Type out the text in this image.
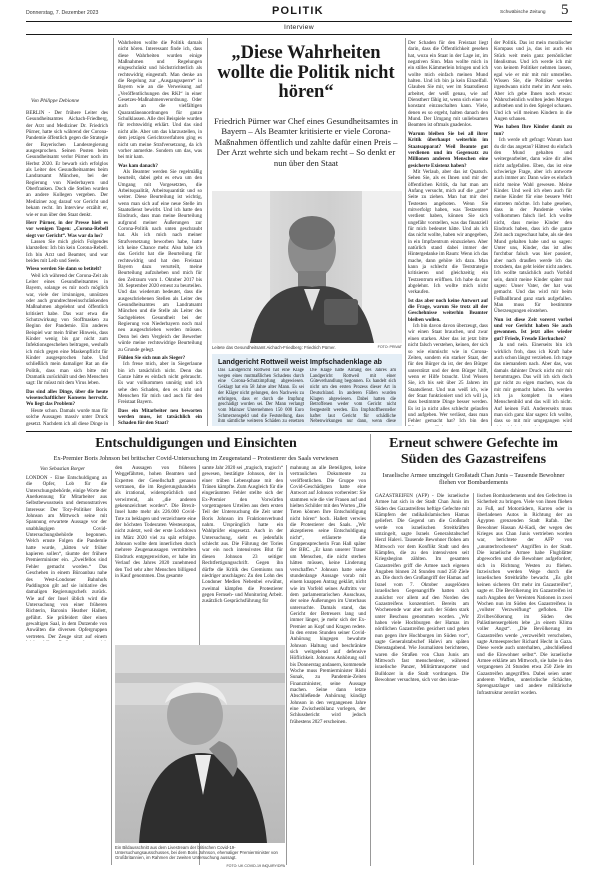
Donnerstag, 7. Dezember 2023	POLITIK	Schwäbische Zeitung 5
Interview
Von Philippe Debionne

BERLIN - Der frühere Leiter des Gesundheitsamtes Aichach-Friedberg, der Arzt und Mediziner Dr. Friedrich Pürner, hatte sich während der Corona-Pandemie öffentlich gegen die Strategie der Bayerischen Landesregierung ausgesprochen. Seinen Posten beim Gesundheitsamt verlor Pürner noch im Herbst 2020. Er bewarb sich erfolglos als Leiter des Gesundheitsamtes beim Landratsamt München, bei der Regierung von Niederbayern und Oberfranken. Doch die Stellen wurden an andere Kollegen vergeben. Der Mediziner zog darauf vor Gericht und bekam recht. Im Interview erzählt er, wie er nun über den Staat denkt.

Herr Pürner, in der Presse hieß es vor wenigen Tagen: „Corona-Rebell siegt vor Gericht“. Was war da los?

Lassen Sie mich gleich Folgendes klarstellen: Ich bin kein Corona-Rebell. Ich bin Arzt und Beamter, und war beides mit Leib und Seele.

Wieso werden Sie dann so betitelt?

Weil ich während der Corona-Zeit als Leiter eines Gesundheitsamtes in Bayern, solange es mir noch möglich war, viele der irrsinnigen, unnützen oder auch grundrechteeinschränkenden Maßnahmen abgelehnt und öffentlich kritisiert habe. Das war etwa die Schutzwirkung von Stoffmasken zu Beginn der Pandemie. Ein anderes Beispiel war mein früher Hinweis, dass Kinder wenig bis gar nicht zum Infektionsgeschehen beitragen, weshalb ich mich gegen eine Maskenpflicht für Kinder ausgesprochen habe. Und schließlich mein damaliger Rat an die Politik, dass man sich bitte mit Dramatik zurückhält und den Menschen sagt: Ihr müsst mit dem Virus leben.

Das sind alles Dinge, über die heute wissenschaftlicher Konsens herrscht. Wo liegt das Problem?

Heute schon. Damals wurde man für solche Aussagen massiv unter Druck gesetzt. Nachdem ich all diese Dinge in

Wahrheiten wollte die Politik damals nicht hören. Interessant finde ich, dass diese Wahrheiten wurden einige Maßnahmen und Regelungen eingeschränkt und höchstrichterlich als rechtswidrig eingestuft. Man denke an die Regelung zur „Ausgangssperre“ in Bayern wie an die Verweisung auf „Veröffentlichungen des RKI“ in einer Gesetzes-Maßnahmenverordnung. Oder auch an die vielfältigen Quarantäneanordnungen für ganze Schulklassen. Alle drei Beispiele wurden für rechtswidrig erklärt. Und das sind nicht alle. Aber um das klarzustellen, in dem jetzigen Gerichtsverfahren ging es nicht um meine Strafversetzung, da ich vorher anmerkte. Sondern um das, was bei mir kam.

Was kam danach?

Als Beamter werden Sie regelmäßig beurteilt, dabei geht es etwa um den Umgang mit Vorgesetzten, die Arbeitsqualität, Arbeitsquantität und so weiter. Diese Beurteilung ist wichtig, wenn man sich auf eine neue Stelle im Staatsdienst bewirbt. Und ich hatte den Eindruck, dass man meine Beurteilung aufgrund meiner Äußerungen zur Corona-Politik nach unten geschraubt hat. Als ich mich nach meiner Strafversetzung beworben habe, hatte ich keine Chance mehr. Also habe ich das Gericht hat die Beurteilung für rechtswidrig und hat den Freistaat Bayern dazu verurteilt, meine Beurteilung aufzuheben und mich für den Zeitraum vom 1. Oktober 2017 bis 30. September 2020 erneut zu beurteilen. Und das wiederum bedeutet, dass die ausgeschriebenen Stellen als Leiter des Gesundheitsamtes am Landratsamt München und die Stelle als Leiter des Sachgebietes Gesundheit bei der Regierung von Niederbayern noch mal neu ausgeschrieben werden müssen. Denn bei dem Vergleich der Bewerber würde meine rechtswidrige Beurteilung zu Grunde gelegt.

Fühlen Sie sich nun als Sieger?

Ich freue mich, aber in Siegerlaune bin ich tatsächlich nicht. Denn das Ganze hätte es einfach nicht gebraucht. Es war vollkommen unnötig und ich sehe den Schaden, den es nicht und Menschen für mich und auch für den Freistaat Bayern.

Dass ein Mitarbeiter neu beworten werden muss, ist tatsächlich ein Schaden für den Staat?

„Diese Wahrheiten wollte die Politik nicht hören“
Friedrich Pürner war Chef eines Gesundheitsamtes in Bayern – Als Beamter kritisierte er viele Corona-Maßnahmen öffentlich und zahlte dafür einen Preis – Der Arzt wehrte sich und bekam recht – So denkt er nun über den Staat
Leitete das Gesundheitsamt Aichach-Friedberg: Friedrich Pürner.	FOTO: PRIVAT
Landgericht Rottweil weist Impfschadenklage ab
Das Landgericht Rottweil hat eine Klage wegen eines mutmaßlichen Schadens durch eine Corona-Schutzimpfung abgewiesen. Geklagt hat ein 58 Jahre alter Mann. Es sei der Kläger nicht gelungen, den Nachweis zu erbringen, dass er durch die Impfung geschädigt worden sei. Der Mann verlangt vom Mainzer Unternehmen 150 000 Euro Schmerzensgeld und die Feststellung, dass ihm sämtliche weiteren Schäden zu ersetzen
Die Klage hatte Anfang des Jahres am Landgericht Rottweil mit einer Güteverhandlung begonnen. Es handelt sich nicht um den ersten Prozess dieser Art in Deutschland. In anderen Fällen wurden Klagen abgewiesen. Dabei hatten die Betroffenen weder vom Gericht nicht festgestellt werden. Ein Impfstoffhersteller haftet laut Gericht für schädliche Nebenwirkungen nur dann, wenn diese

Der Schaden für den Freistaat liegt darin, dass die Öffentlichkeit gesehen hat, wozu ein Staat in der Lage ist, im negativen Sinn. Man wollte mich in ein stilles Kämmerlein bringen und ich wollte mich einfach meinen Mund halten. Und ich bin ja kein Einzelfall. Glauben Sie mir, wer im Staatsdienst arbeitet, der weiß genau, wie auf Dienstherr fähig ist, wenn sich einer so konstant einzuschalten kann. Viele, denen es so ergeht, halten danach den Mund. Der Umgang mit unliebsamen Beamten ist oftmals gnadenlos.

Warum bleiben Sie bei all ihrer Kritik überhaupt weiterhin im Staatsapparat? Weil Beamte gut verdienen und im Gegensatz zu Millionen anderen Menschen eine gesicherte Existenz haben?

Mit Verlaub, aber das ist Quatsch. Sehen Sie, als es Ihnen und mir der öffentlichen Kritik, da hat man am Anfang versucht, mich auf die „gute“ Seite zu ziehen. Man hat mir drei Testesten angeboten. Wenn Sie mitverfolgt haben, was Testzentren verdient haben, können Sie sich ungefähr vorstellen, was das finanziell für mich bedeutet hätte. Und als ich das nicht wollte, haben wir angegeben, in ein Impfzentrum einzuziehen. Aber natürlich stand dabei immer der Hintergedanke im Raum: Wenn ich das mache, dann gehöre ich dazu. Man kann ja schlecht die Teststrategie kritisieren und gleichzeitig ein Testzentrum eröffnen. Ich habe da nur abgelehnt. Ich wollte mich nicht verkaufen.

Ist das aber noch keine Antwort auf die Frage, warum Sie trotz all der Geschehnisse weiterhin Beamter bleiben wollen.

Ich bin davon davon überzeugt, dass wir einen Staat brauchen, und zwar einen starken. Aber das ist jetzt bitte nicht falsch verstehen, keinen, der sich so wie einmischt wie in Corona-Zeiten, sondern ein starker Staat, der für den Bürger da ist, der den Bürger unterstützt und der dem Bürger hilft, wenn er Hilfe braucht. Und Wissen Sie, ich bis seit über 25 Jahren im Staatsdienst. Und nun weiß ich, wie der Staat funktioniert und ich will ja, dass bestimmte Dinge besser werden. Es ist ja nicht alles schlecht gelaufen und aufgeben. Wer verlässt, dass man Fehler gemacht hat? Ich bin den

der Politik. Das ist mein moralischer Kompass und ja, das ist auch ein Stück weit mein ganz persönlicher Idealismus. Und ich werde ich mir von keinem Politiker nehmen lassen, egal wie er mir mit mir umstellen. Wissen Sie, die Politiker werden irgendwann nicht mehr im Amt sein. Aber ich gebe Ihnen noch etwas: Wahrscheinlich wollten jeden Morgen aufstehen und in den Spiegel schauen. Und ich will meinen Kindern in die Augen schauen.

Was haben Ihre Kinder damit zu tun?

Ich werde oft gefragt: Warum hast du dir das angetan? Hättest du einfach den Mund gehalten und weitergearbeitet, dann wäre dir alles nicht aufgefallen. Eben, das ist eine schwierige Frage, aber ich antworte auch immer an: Dann wäre es einfach nicht meine Wahl gewesen. Meine Kinder. Und weil ich eben auch für meine Kinder für eine bessere Welt eintreten möchte. Ich habe gesehen, dass in der Pandemie vieles vollkommen falsch lief. Ich wollte nicht, dass meine Kinder den Eindruck haben, dass ich die ganze Zeit auch zugeschaut habe, als sie den Mund gehalten habe und so sagen: Unter uns, Kinder, das ist alles furchtbar falsch was hier passiert, aber nach draußen werde ich das trotzdem, das geht leider nicht anders. Ich wollte tatsächlich auch Vorbild sein, damit meine Kinder später mal sagen: Unser Vater, der hat was gemacht. Und das wird mir beim Fußballbrand ganz stark aufgefallen. Man muss für bestimmte Überzeugungen einstehen.

Nun ist diese Zeit vorerst vorbei und vor Gericht haben Sie auch gewonnen. Ist jetzt alles wieder gut? Friede, Freude Eierkuchen?

Ja und nein. Einerseits bin ich wirklich froh, dass ich Kraft habe auch schon längst verziehen. Ich trage das niemandem nach. Aber das, was damals dahinter Druck nicht mir mit herumtragen. Das will ich sich doch gar nicht zu eigen machen, was da mit mir gemacht haben. Da werden ich ja komplett in einen Menschenbild und das will ich nicht. Auf keinen Fall. Andererseits muss man sich ganz klar sagen: Ich wollte, dass so mit mir umgegangen wird

Entschuldigungen und Einsichten
Ex-Premier Boris Johnson bei britischer Covid-Untersuchung im Zeugenstand – Protestierer des Saals verwiesen
Von Sebastian Borger
LONDON - Eine Entschuldigung an die Opfer, Lob für die Unterschungsbehörde, einige Worte der Anerkennung für Mitarbeiter aus Selbstbewusstsein und demonstratives Interesse: Der Tory-Politiker Boris Johnson am Mittwoch seine mit Spannung erwartete Aussage vor der unabhängigen Covid-Untersuchungsbehörde begonnen. Welch ernste Folgen die Pandemie hatte wurde, „hätten wir früher kapieren sollen“, räumte der frühere Premierminister ein. „Zweifellos sind Fehler gemacht worden.“ Das Geschehen in einem Büroanbau nahe des West-Londoner Bahnhofs Paddington gilt auf sie initiative des damaligen Regierungschefs zurück. Wie auf der Insel üblich wird die Untersuchung von einer früheren Richterin, Baronin Heather Hallett, geführt. Sie prüfeidert über einen gewaltigen Saal, in dem Dutzende von Anwälten die diversen Opfergruppen vertreten. Der Zeuge sitzt auf einem
den Aussagen von früheren Weggefährten, hohen Beamten und Experten der Gesellschaft genauso vertrauen, die im Regierungshandeln als irrational, widersprüchlich und verwirrend, als „die anderen gekennzeichnet worden“. Die Brexit-Insel hatte mehr als 226.000 Covid-Tote zu beklagen und verzeichnete eine der höchsten Todesraten Westeuropas, nicht zuletzt, weil der erste Lockdown im März 2020 viel zu spät erfolgte. Johnson wollte dem innerlichen durch mehrere Zeugenaussagen vermittelten Eindruck entgegenwirken, er habe im Verlauf des Jahres 2020 zunehmend den Tod sehr alter Menschen billigend in Kauf genommen. Das gesamte
samte Jahr 2020 sei „tragisch, tragisch“ gewesen, bestätigte Johnson, der in einer trüben Lebensphase mit den Tränen kämpfte. Zum Ausgleich für die eingeräumten Fehler stellte sich der Ex-Premier den Vorwürfen vorgetragenen Urteilen aus dem ersten Teil der Untersuchung die Zeit unter Boris Johnson im Fraktionsverbund nahm. Ursprünglich hatte ein Wahlprüfer eingesetzt. Auch in der Untersuchung, sieht es jedenfalls schlecht aus. Die Führung der Tories war ein noch intensivstes Blut für diesen Johnson 23 seitiger Rechtfertigungsschrift. Gegen ihn dürfte die Kritik des Gremiums nun niedriger anschlagen: Zu den Lohn des Londoner Medien Nebenbei erwähnt, zweimal kämpfen die Protestierer gegen Fernseh- und Monitoring Arbeit. zusätzlich Gesprächsführung für
mahnung an alle Beteiligten, keine vertraulichen Dokumente zu veröffentlichen. Die Gruppe von Covid-Geschädigten hatte eine Antwort auf Johnson vorbereitet: Sie stammen wie die vier Frauen auf und hielten Schilder mit den Worten „Die Toten können Ihre Entschuldigung nicht hören“ hoch. Hallett verwies die Protestierer des Saals. „Wir akzeptieren seine Entschuldigung nicht“, erläuterte die Gruppensprecherin Fran Hall später der BBC. „Er kann unserer Trauer um Menschen, die nicht sterben hätten müssen, keine Linderung verschaffen.“ Johnson hatte seine stundenlange Aussage vorab mit einem knappen Antrag geklärt, nicht wie im Vorfeld seines Auftritts vor dem parlamentarischen Ausschuss, der seine Äußerungen im Unterhaus untersuchte. Damals stand, das Gericht der Betreuers lang und immer länger, je mehr sich der Ex-Premier an Kopf und Kragen redete. In den ersten Stunden seiner Covid-Anhörung hingegen bewahrte Johnson Haltung und beschränkte sich weitgehend auf defensive Höflichkeit. Johnsons Anhörung soll bis Donnerstag andauern, kommende Woche muss Premierminister Rishi Sunak, zu Pandemie-Zeiten Finanzminister, seine Aussage machen. Seine dann letzte Abschließende Anhörung kündigt Johnson in den vergangenen Jahre eine Zwischenbilanz vorlegen, der Schlussbericht wird jedoch frühestens 2027 erscheinen.
Ein Bildausschnitt aus dem Livestream der britischen Covid-19-Untersuchungsausschusses, bei dem Boris Johnson, ehemaliger Premierminister von Großbritannien, im Rahmen der zweiten Untersuchung aussagt.
FOTO: UK COVID-19 INQUIRY/DPA
Erneut schwere Gefechte im Süden des Gazastreifens
Israelische Armee umzingelt Großstadt Chan Junis – Tausende Bewohner fliehen vor Bombardements
GAZASTREIFEN (AFP) - Die israelische Armee hat sich in der Stadt Chan Junis im Süden des Gazastreifens heftige Gefechte mit Kämpfern der radikalislamischen Hamas geliefert. Die Gegend um die Großstadt werde von israelischen Streitkräften umzingelt, sagte Israels Generalstabschef Herzl Halevi. Tausende Bewohner flohen am Mittwoch vor dem Konflikt Stadt und den Kämpfen, die zu den intensivsten seit Kriegsbeginn zählten. Im gesamten Gazastreifen griff die Armee nach eigenen Angaben binnen 24 Stunden rund 250 Ziele an. Die durch den Großangriff der Hamas auf Israel vom 7. Oktober ausgelösten israelischen Gegenangriffe hatten sich zunächst vor allem auf den Norden des Gazastreifens konzentriert. Bereits am Wochenende war aber auch der Süden stark unter Beschuss genommen worden. „Wir haben viele Hochburgen der Hamas im nördlichen Gazastreifen gesichert und gehen nun gegen ihre Hochburgen im Süden vor“, sagte Generalstabschef Halevi am späten Dienstagabend. Wie Journalisten berichteten, waren die Straßen von Chan Junis am Mittwoch fast menschenleer, während israelische Panzer, Militärtransporter und Bulldozer in die Stadt vordrangen. Die Bewohner versuchten, sich vor den israe-
lischen Bombardements und den Gefechten in Sicherheit zu bringen. Viele von ihnen fliehen zu Fuß, auf Motorrädern, Karren oder in überladenen Autos in Richtung der an Ägypten grenzenden Stadt Rafah. Der Bewohner Hassan Al-Kadi, der wegen des Krieges aus Chan Junis vertrieben worden war, berichtete der AFP von „ununterbrochenen“ Angriffen in der Stadt. Die israelische Armee habe Flugblätter abgeworfen und die Bewohner aufgefordert, sich in Richtung Westen zu fliehen. Inzwischen werden Wege durch die israelischen Streitkräfte bewacht. „Es gibt keinen sicheren Ort mehr im Gazastreifen“, sagte er. Die Bevölkerung im Gazastreifen ist nach Angaben der Vereinten Nationen in zwei Wochen nun im Süden des Gazastreifens in „vollster Verzweiflung“ geflohen. Die Zivilbevölkerung im Süden des Palästinensergebiets lebe „in einem Klima voller Angst“. „Die Bevölkerung im Gazastreifen werde „verzweifelt verschoben, sagte Armeesprecher Richard Hecht in Gaza. Diese werde auch unterhalten, „abschließend und die Einwohner selbst“. Die israelische Armee erklärte am Mittwoch, sie habe in den vergangenen 24 Stunden etwa 250 Ziele im Gazastreifen angegriffen. Dabei seien unter anderem Waffen, unterirdische Schächte, Sprengsatzlager und andere militärische Infrastruktur zerstört worden.
